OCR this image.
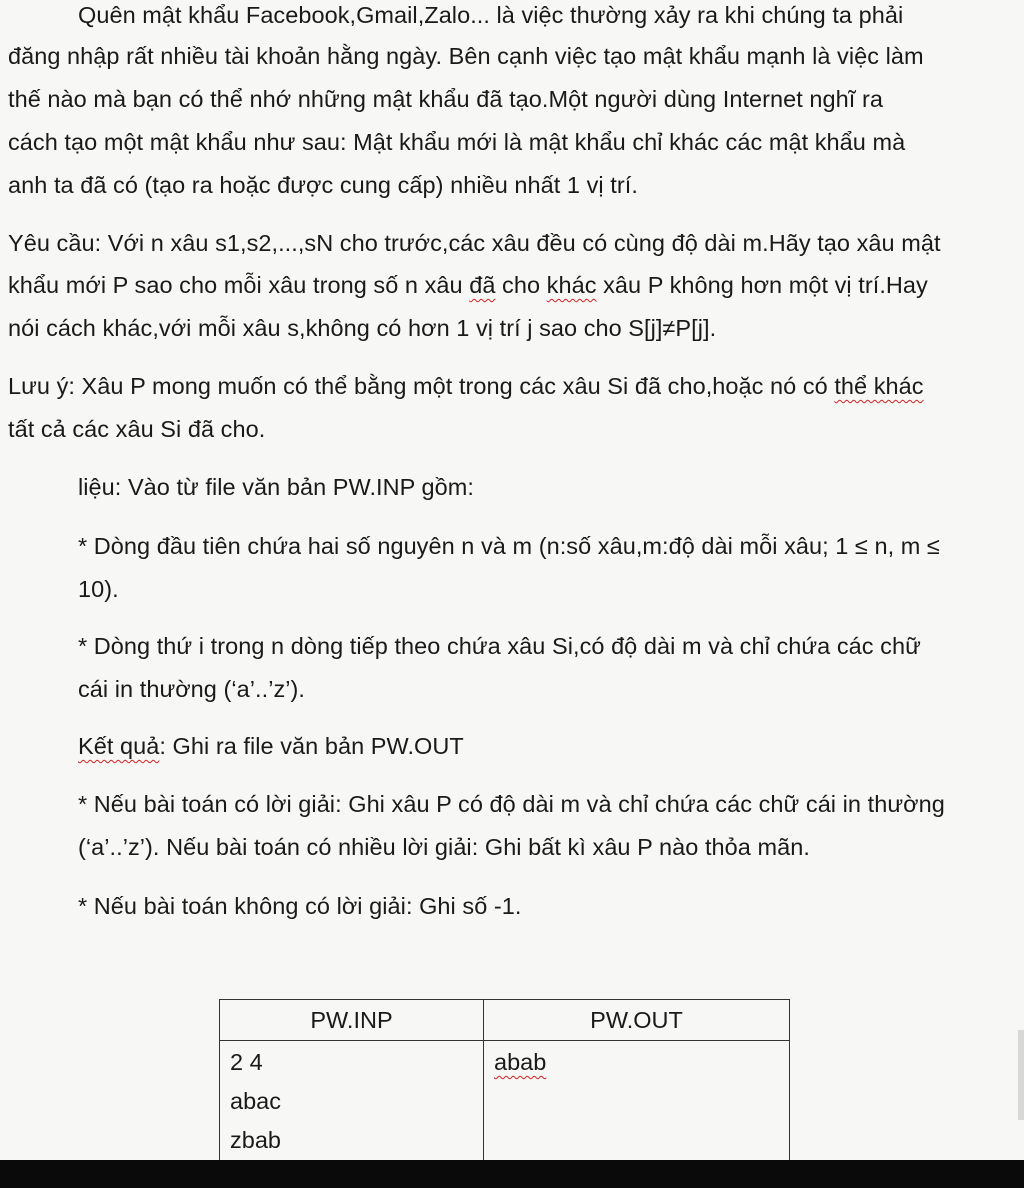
Quên mật khẩu Facebook,Gmail,Zalo... là việc thường xảy ra khi chúng ta phải
đăng nhập rất nhiều tài khoản hằng ngày. Bên cạnh việc tạo mật khẩu mạnh là việc làm
thế nào mà bạn có thể nhớ những mật khẩu đã tạo.Một người dùng Internet nghĩ ra
cách tạo một mật khẩu như sau: Mật khẩu mới là mật khẩu chỉ khác các mật khẩu mà
anh ta đã có (tạo ra hoặc được cung cấp) nhiều nhất 1 vị trí.
Yêu cầu: Với n xâu s1,s2,...,sN cho trước,các xâu đều có cùng độ dài m.Hãy tạo xâu mật
khẩu mới P sao cho mỗi xâu trong số n xâu đã cho khác xâu P không hơn một vị trí.Hay
nói cách khác,với mỗi xâu s,không có hơn 1 vị trí j sao cho S[j]≠P[j].
Lưu ý: Xâu P mong muốn có thể bằng một trong các xâu Si đã cho,hoặc nó có thể khác
tất cả các xâu Si đã cho.
liệu: Vào từ file văn bản PW.INP gồm:
* Dòng đầu tiên chứa hai số nguyên n và m (n:số xâu,m:độ dài mỗi xâu; 1 ≤ n, m ≤
10).
* Dòng thứ i trong n dòng tiếp theo chứa xâu Si,có độ dài m và chỉ chứa các chữ
cái in thường (‘a’..’z’).
Kết quả: Ghi ra file văn bản PW.OUT
* Nếu bài toán có lời giải: Ghi xâu P có độ dài m và chỉ chứa các chữ cái in thường
(‘a’..’z’). Nếu bài toán có nhiều lời giải: Ghi bất kì xâu P nào thỏa mãn.
* Nếu bài toán không có lời giải: Ghi số -1.
PW.INP	PW.OUT

2 4
abac
zbab	abab
